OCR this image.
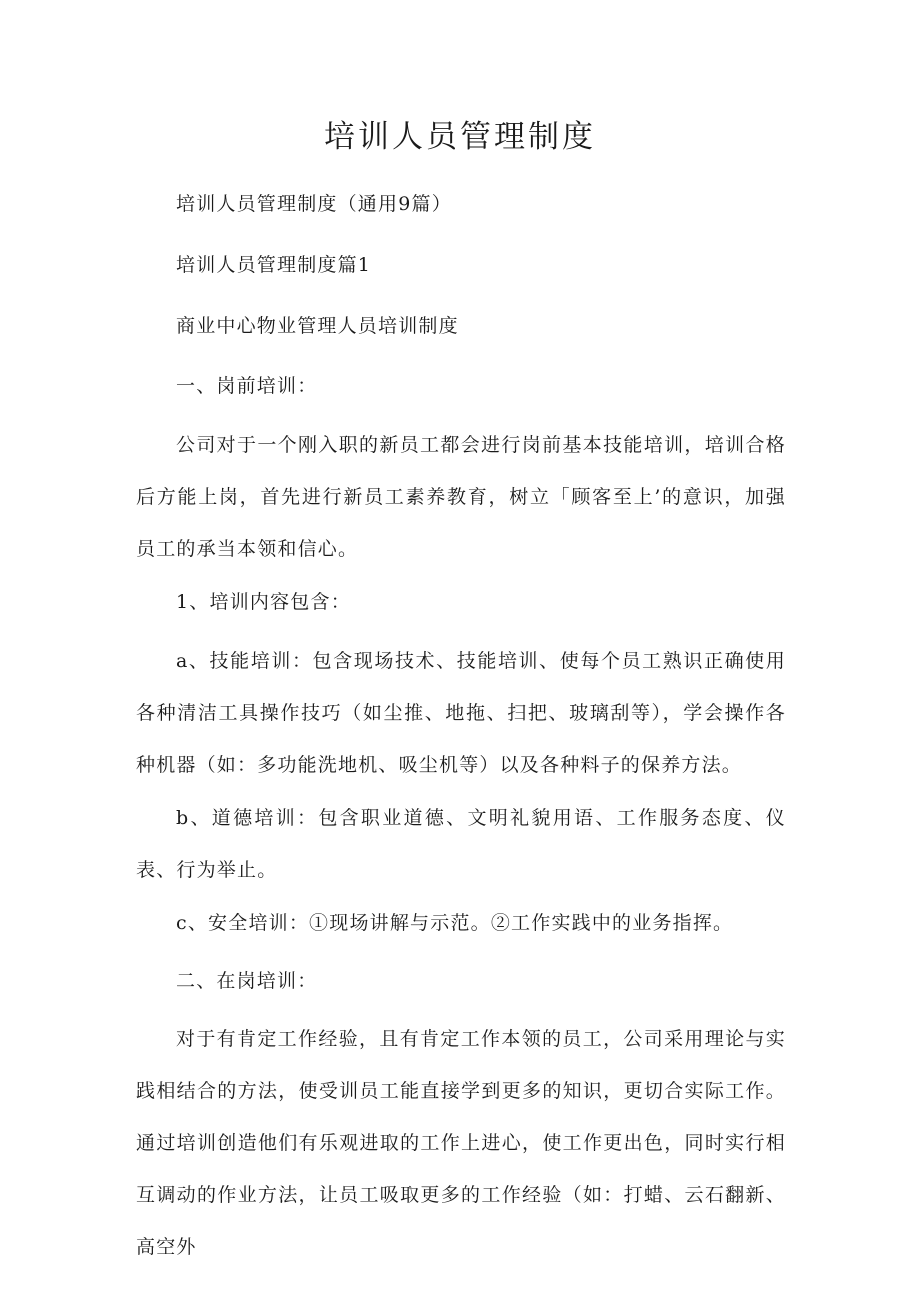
培训人员管理制度

培训人员管理制度（通用9篇）

培训人员管理制度篇1

商业中心物业管理人员培训制度

一、岗前培训：

公司对于一个刚入职的新员工都会进行岗前基本技能培训，培训合格后方能上岗，首先进行新员工素养教育，树立「顾客至上’的意识，加强员工的承当本领和信心。

1、培训内容包含：

a、技能培训：包含现场技术、技能培训、使每个员工熟识正确使用各种清洁工具操作技巧（如尘推、地拖、扫把、玻璃刮等），学会操作各种机器（如：多功能洗地机、吸尘机等）以及各种料子的保养方法。

b、道德培训：包含职业道德、文明礼貌用语、工作服务态度、仪表、行为举止。

c、安全培训：①现场讲解与示范。②工作实践中的业务指挥。

二、在岗培训：

对于有肯定工作经验，且有肯定工作本领的员工，公司采用理论与实践相结合的方法，使受训员工能直接学到更多的知识，更切合实际工作。通过培训创造他们有乐观进取的工作上进心，使工作更出色，同时实行相互调动的作业方法，让员工吸取更多的工作经验（如：打蜡、云石翻新、高空外
